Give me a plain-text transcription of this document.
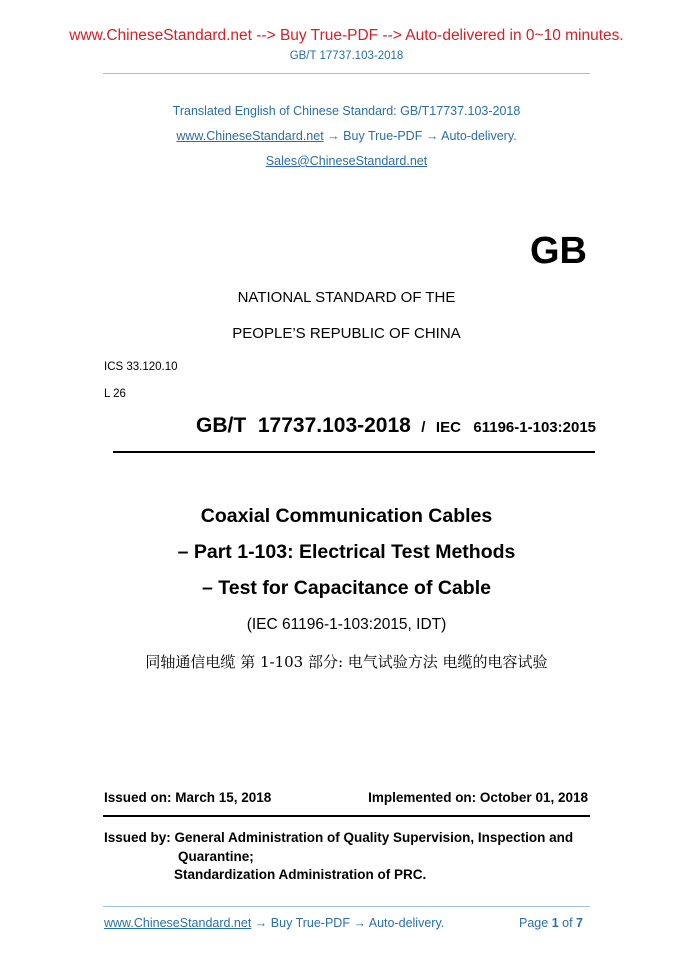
www.ChineseStandard.net --> Buy True-PDF --> Auto-delivered in 0~10 minutes.
GB/T 17737.103-2018
Translated English of Chinese Standard: GB/T17737.103-2018
www.ChineseStandard.net → Buy True-PDF → Auto-delivery.
Sales@ChineseStandard.net
GB
NATIONAL STANDARD OF THE
PEOPLE’S REPUBLIC OF CHINA
ICS 33.120.10
L 26
GB/T  17737.103-2018 / IEC 61196-1-103:2015
Coaxial Communication Cables
– Part 1-103: Electrical Test Methods
– Test for Capacitance of Cable
(IEC 61196-1-103:2015, IDT)
同轴通信电缆 第 1-103 部分: 电气试验方法 电缆的电容试验
Issued on: March 15, 2018	Implemented on: October 01, 2018
Issued by: General Administration of Quality Supervision, Inspection and
Quarantine;
Standardization Administration of PRC.
www.ChineseStandard.net → Buy True-PDF → Auto-delivery.	Page 1 of 7
